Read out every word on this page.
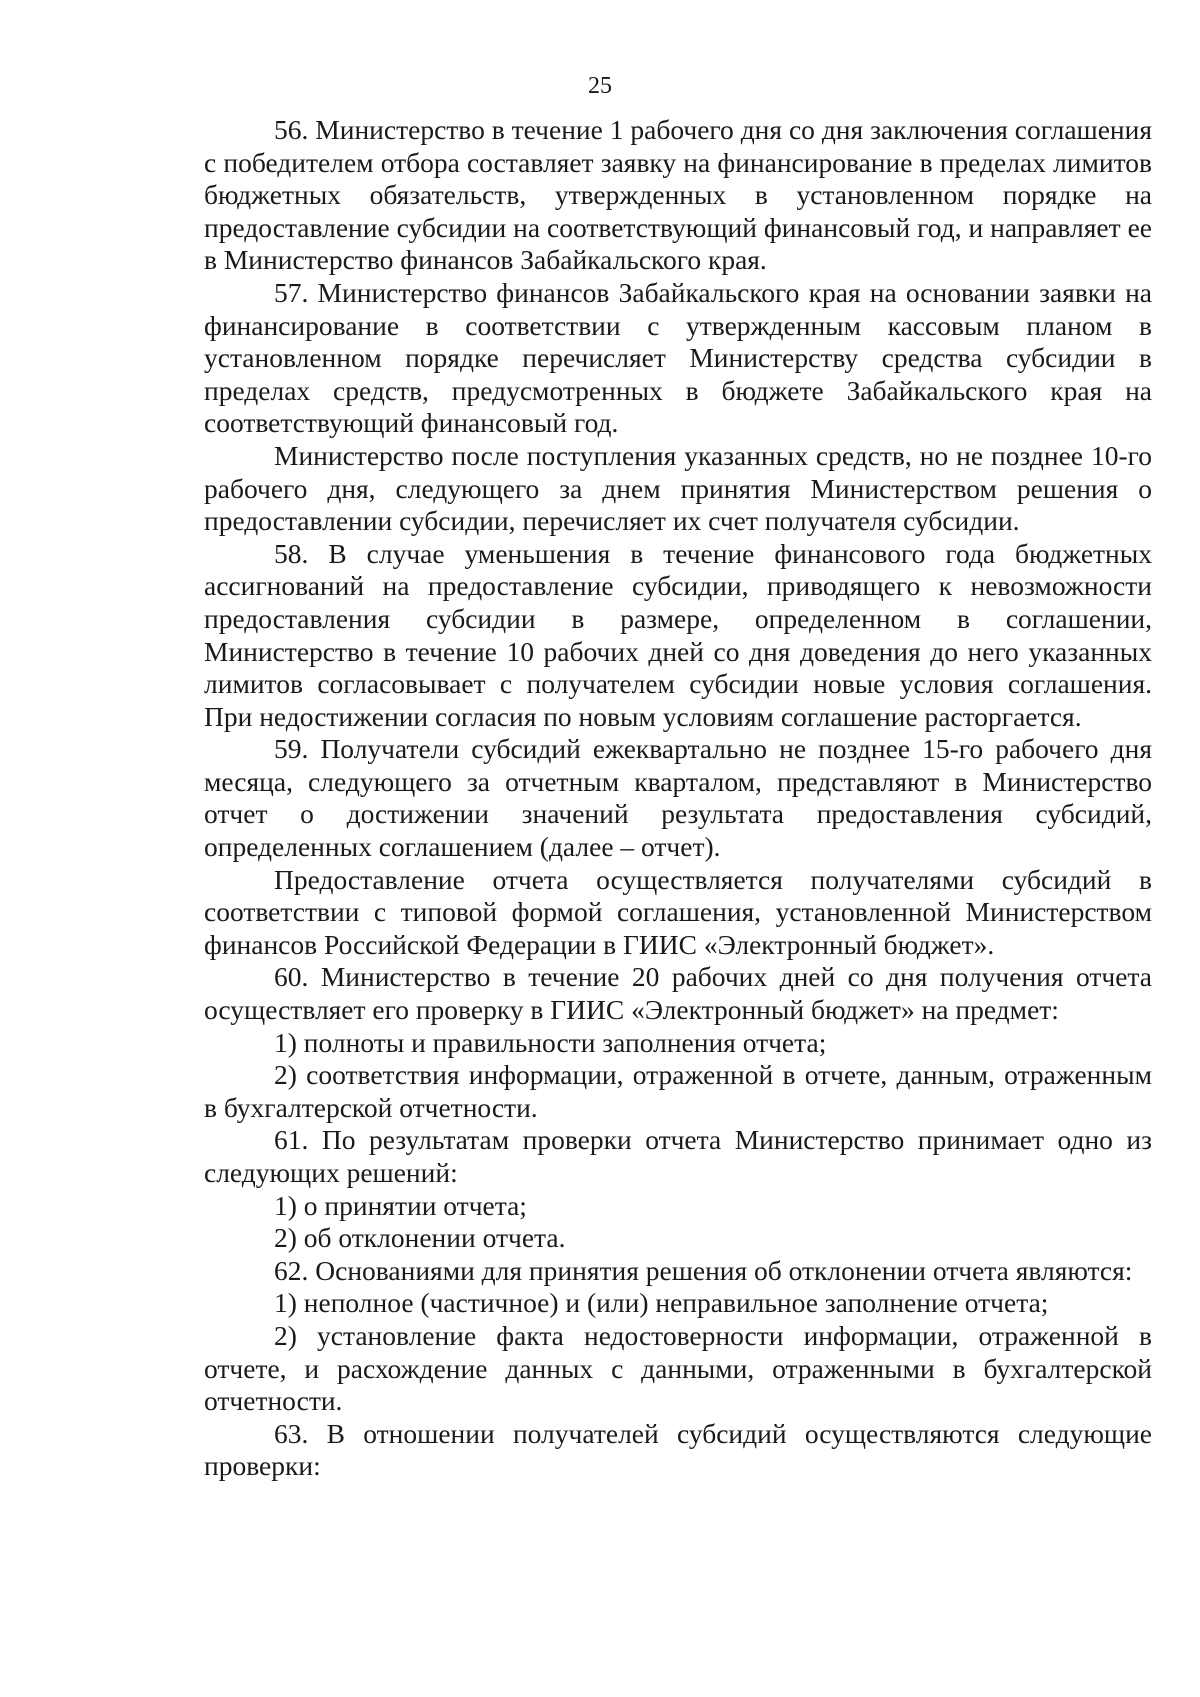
25

56. Министерство в течение 1 рабочего дня со дня заключения соглашения с победителем отбора составляет заявку на финансирование в пределах лимитов бюджетных обязательств, утвержденных в установленном порядке на предоставление субсидии на соответствующий финансовый год, и направляет ее в Министерство финансов Забайкальского края.

57. Министерство финансов Забайкальского края на основании заявки на финансирование в соответствии с утвержденным кассовым планом в установленном порядке перечисляет Министерству средства субсидии в пределах средств, предусмотренных в бюджете Забайкальского края на соответствующий финансовый год.

Министерство после поступления указанных средств, но не позднее 10-го рабочего дня, следующего за днем принятия Министерством решения о предоставлении субсидии, перечисляет их счет получателя субсидии.

58. В случае уменьшения в течение финансового года бюджетных ассигнований на предоставление субсидии, приводящего к невозможности предоставления субсидии в размере, определенном в соглашении, Министерство в течение 10 рабочих дней со дня доведения до него указанных лимитов согласовывает с получателем субсидии новые условия соглашения. При недостижении согласия по новым условиям соглашение расторгается.

59. Получатели субсидий ежеквартально не позднее 15-го рабочего дня месяца, следующего за отчетным кварталом, представляют в Министерство отчет о достижении значений результата предоставления субсидий, определенных соглашением (далее – отчет).

Предоставление отчета осуществляется получателями субсидий в соответствии с типовой формой соглашения, установленной Министерством финансов Российской Федерации в ГИИС «Электронный бюджет».

60. Министерство в течение 20 рабочих дней со дня получения отчета осуществляет его проверку в ГИИС «Электронный бюджет» на предмет:

1) полноты и правильности заполнения отчета;

2) соответствия информации, отраженной в отчете, данным, отраженным в бухгалтерской отчетности.

61. По результатам проверки отчета Министерство принимает одно из следующих решений:

1) о принятии отчета;

2) об отклонении отчета.

62. Основаниями для принятия решения об отклонении отчета являются:

1) неполное (частичное) и (или) неправильное заполнение отчета;

2) установление факта недостоверности информации, отраженной в отчете, и расхождение данных с данными, отраженными в бухгалтерской отчетности.

63. В отношении получателей субсидий осуществляются следующие проверки:
